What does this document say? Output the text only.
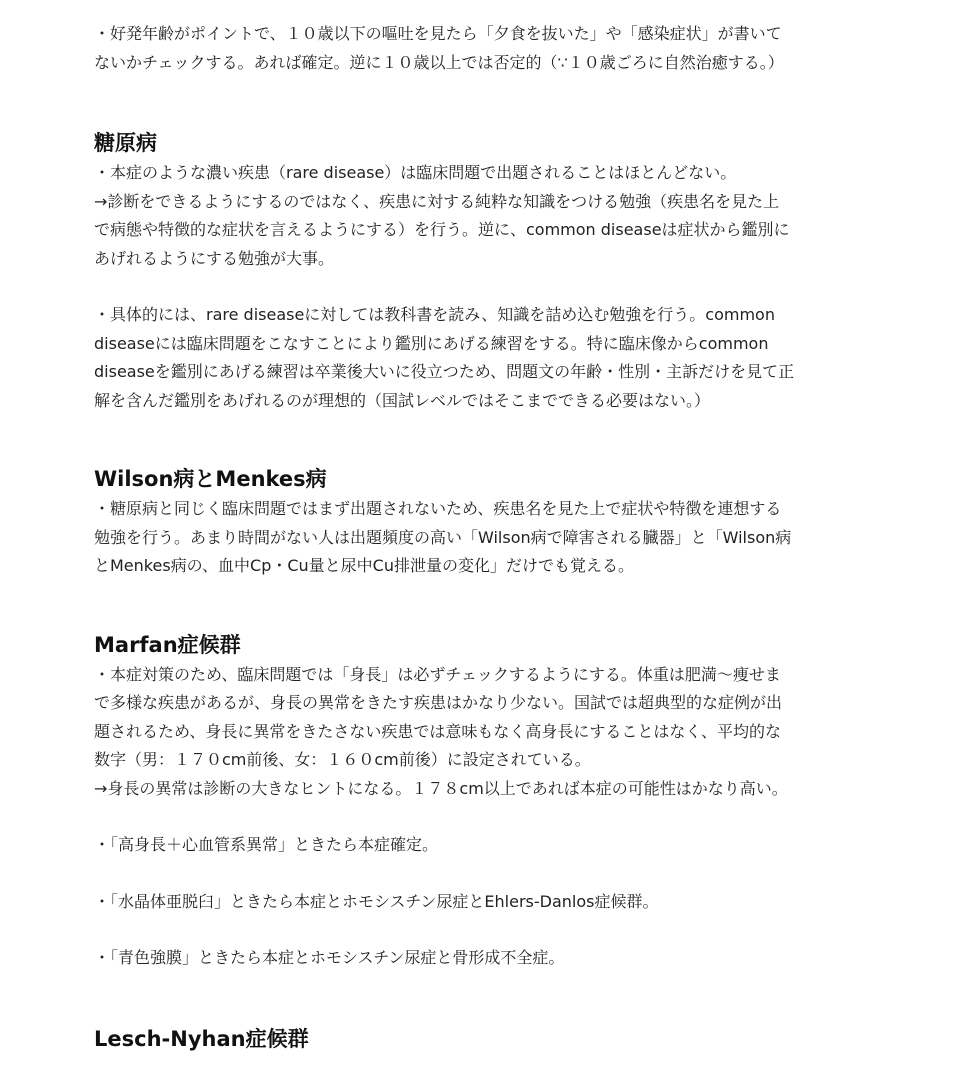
・好発年齢がポイントで、１０歳以下の嘔吐を見たら「夕食を抜いた」や「感染症状」が書いて
ないかチェックする。あれば確定。逆に１０歳以上では否定的（∵１０歳ごろに自然治癒する。）
糖原病
・本症のような濃い疾患（rare disease）は臨床問題で出題されることはほとんどない。
→診断をできるようにするのではなく、疾患に対する純粋な知識をつける勉強（疾患名を見た上
で病態や特徴的な症状を言えるようにする）を行う。逆に、common diseaseは症状から鑑別に
あげれるようにする勉強が大事。
・具体的には、rare diseaseに対しては教科書を読み、知識を詰め込む勉強を行う。common
diseaseには臨床問題をこなすことにより鑑別にあげる練習をする。特に臨床像からcommon
diseaseを鑑別にあげる練習は卒業後大いに役立つため、問題文の年齢・性別・主訴だけを見て正
解を含んだ鑑別をあげれるのが理想的（国試レベルではそこまでできる必要はない。）
Wilson病とMenkes病
・糖原病と同じく臨床問題ではまず出題されないため、疾患名を見た上で症状や特徴を連想する
勉強を行う。あまり時間がない人は出題頻度の高い「Wilson病で障害される臓器」と「Wilson病
とMenkes病の、血中Cp・Cu量と尿中Cu排泄量の変化」だけでも覚える。
Marfan症候群
・本症対策のため、臨床問題では「身長」は必ずチェックするようにする。体重は肥満〜痩せま
で多様な疾患があるが、身長の異常をきたす疾患はかなり少ない。国試では超典型的な症例が出
題されるため、身長に異常をきたさない疾患では意味もなく高身長にすることはなく、平均的な
数字（男：１７０cm前後、女：１６０cm前後）に設定されている。
→身長の異常は診断の大きなヒントになる。１７８cm以上であれば本症の可能性はかなり高い。
・「高身長＋心血管系異常」ときたら本症確定。
・「水晶体亜脱臼」ときたら本症とホモシスチン尿症とEhlers-Danlos症候群。
・「青色強膜」ときたら本症とホモシスチン尿症と骨形成不全症。
Lesch-Nyhan症候群
